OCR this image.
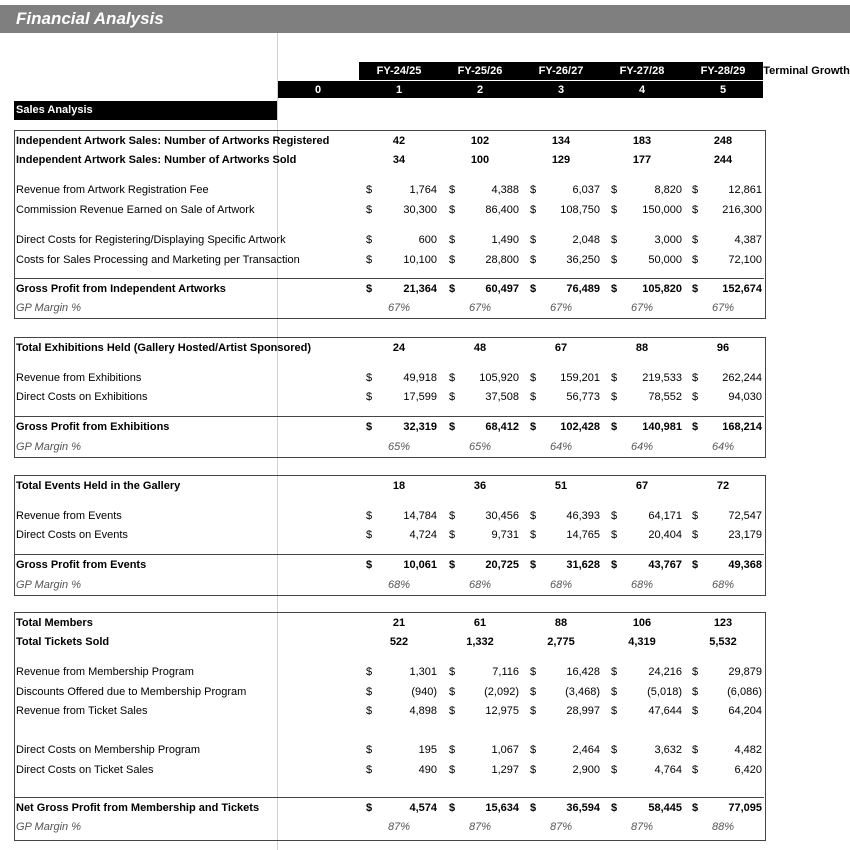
Financial Analysis
Sales Analysis
FY-24/25	FY-25/26	FY-26/27	FY-27/28	FY-28/29	Terminal Growth
0	1	2	3	4	5
Independent Artwork Sales: Number of Artworks Registered	42	102	134	183	248
Independent Artwork Sales: Number of Artworks Sold	34	100	129	177	244
Revenue from Artwork Registration Fee	$	1,764 $	4,388 $	6,037 $	8,820 $	12,861
Commission Revenue Earned on Sale of Artwork	$	30,300 $	86,400 $	108,750 $	150,000 $	216,300
Direct Costs for Registering/Displaying Specific Artwork	$	600 $	1,490 $	2,048 $	3,000 $	4,387
Costs for Sales Processing and Marketing per Transaction	$	10,100 $	28,800 $	36,250 $	50,000 $	72,100
Gross Profit from Independent Artworks	$	21,364 $	60,497 $	76,489 $	105,820 $	152,674
GP Margin %	67%	67%	67%	67%	67%
Total Exhibitions Held (Gallery Hosted/Artist Sponsored)	24	48	67	88	96
Revenue from Exhibitions	$	49,918 $	105,920 $	159,201 $	219,533 $	262,244
Direct Costs on Exhibitions	$	17,599 $	37,508 $	56,773 $	78,552 $	94,030
Gross Profit from Exhibitions	$	32,319 $	68,412 $	102,428 $	140,981 $	168,214
GP Margin %	65%	65%	64%	64%	64%
Total Events Held in the Gallery	18	36	51	67	72
Revenue from Events	$	14,784 $	30,456 $	46,393 $	64,171 $	72,547
Direct Costs on Events	$	4,724 $	9,731 $	14,765 $	20,404 $	23,179
Gross Profit from Events	$	10,061 $	20,725 $	31,628 $	43,767 $	49,368
GP Margin %	68%	68%	68%	68%	68%
Total Members	21	61	88	106	123
Total Tickets Sold	522	1,332	2,775	4,319	5,532
Revenue from Membership Program	$	1,301 $	7,116 $	16,428 $	24,216 $	29,879
Discounts Offered due to Membership Program	$	(940) $	(2,092) $	(3,468) $	(5,018) $	(6,086)
Revenue from Ticket Sales	$	4,898 $	12,975 $	28,997 $	47,644 $	64,204
Direct Costs on Membership Program	$	195 $	1,067 $	2,464 $	3,632 $	4,482
Direct Costs on Ticket Sales	$	490 $	1,297 $	2,900 $	4,764 $	6,420
Net Gross Profit from Membership and Tickets	$	4,574 $	15,634 $	36,594 $	58,445 $	77,095
GP Margin %	87%	87%	87%	87%	88%
